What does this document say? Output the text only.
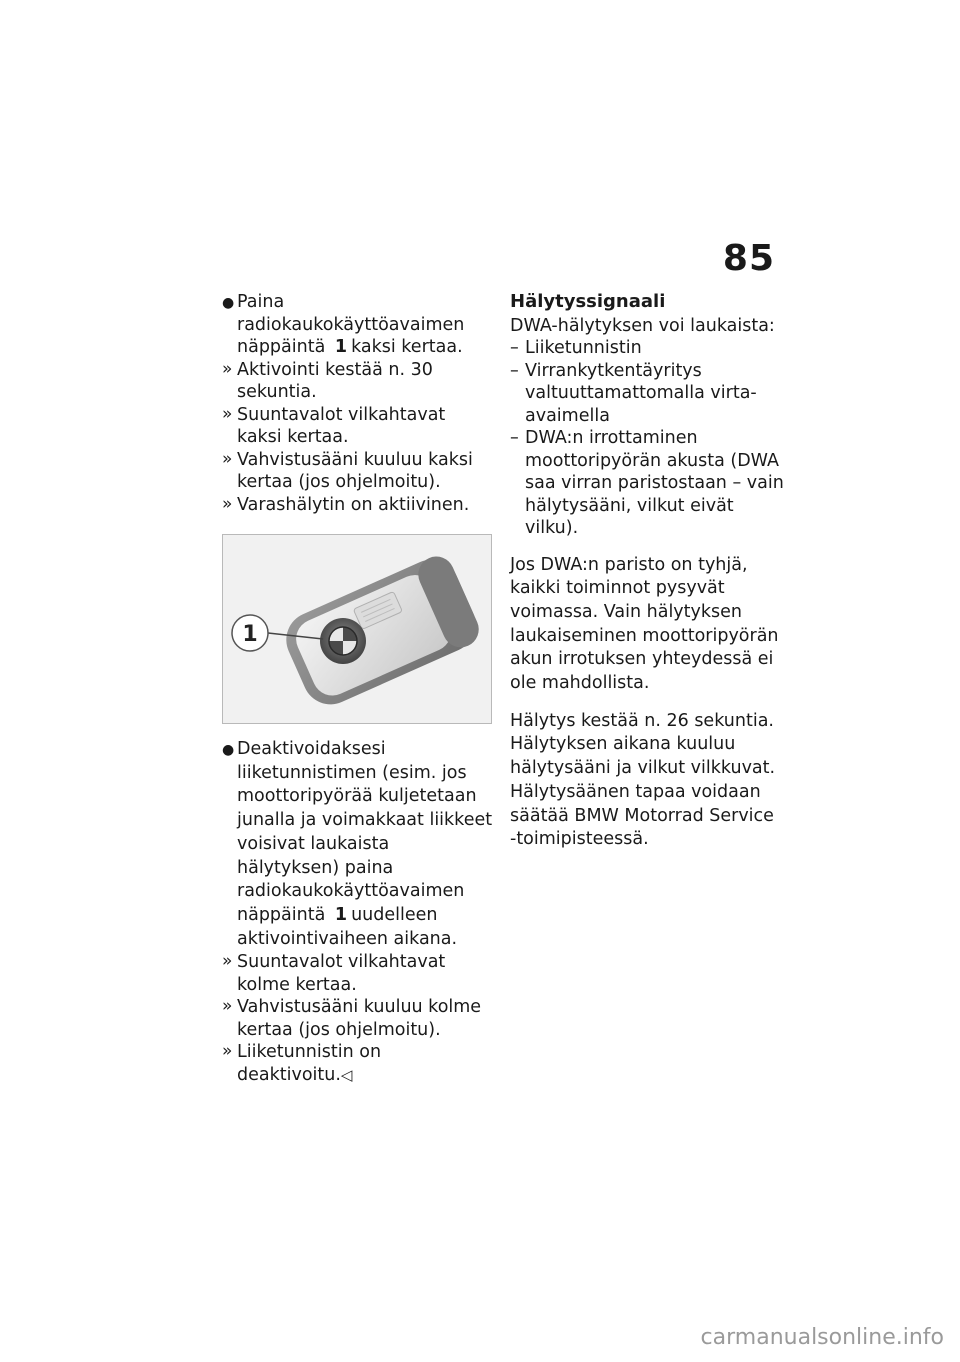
85
● Paina radiokaukokäyttöavaimen näppäintä 1 kaksi kertaa.
» Aktivointi kestää n. 30 sekuntia.
» Suuntavalot vilkahtavat kaksi kertaa.
» Vahvistusääni kuuluu kaksi kertaa (jos ohjelmoitu).
» Varashälytin on aktiivinen.
1
● Deaktivoidaksesi liiketunnistimen (esim. jos moottoripyörää kuljetetaan junalla ja voimakkaat liikkeet voisivat laukaista hälytyksen) paina radiokaukokäyttöavaimen näppäintä 1 uudelleen aktivointivaiheen aikana.
» Suuntavalot vilkahtavat kolme kertaa.
» Vahvistusääni kuuluu kolme kertaa (jos ohjelmoitu).
» Liiketunnistin on deaktivoitu.◁
Hälytyssignaali
DWA-hälytyksen voi laukaista:
– Liiketunnistin
– Virrankytkentäyritys valtuuttamattomalla virta-avaimella
– DWA:n irrottaminen moottoripyörän akusta (DWA saa virran paristostaan – vain hälytysääni, vilkut eivät vilku).
Jos DWA:n paristo on tyhjä, kaikki toiminnot pysyvät voimassa. Vain hälytyksen laukaiseminen moottoripyörän akun irrotuksen yhteydessä ei ole mahdollista.
Hälytys kestää n. 26 sekuntia. Hälytyksen aikana kuuluu hälytysääni ja vilkut vilkkuvat. Hälytysäänen tapaa voidaan säätää BMW Motorrad Service -toimipisteessä.
carmanualsonline.info
